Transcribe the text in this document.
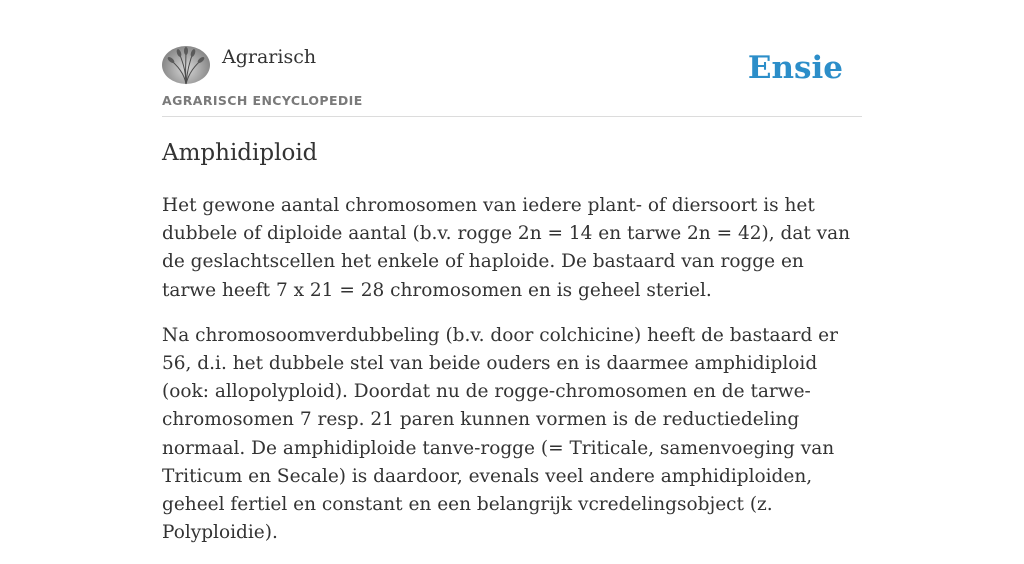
Agrarisch
AGRARISCH ENCYCLOPEDIE
Ensie
Amphidiploid

Het gewone aantal chromosomen van iedere plant- of diersoort is het dubbele of diploide aantal (b.v. rogge 2n = 14 en tarwe 2n = 42), dat van de geslachtscellen het enkele of haploide. De bastaard van rogge en tarwe heeft 7 x 21 = 28 chromosomen en is geheel steriel.

Na chromosoomverdubbeling (b.v. door colchicine) heeft de bastaard er 56, d.i. het dubbele stel van beide ouders en is daarmee amphidiploid (ook: allopolyploid). Doordat nu de rogge-chromosomen en de tarwe-chromosomen 7 resp. 21 paren kunnen vormen is de reductiedeling normaal. De amphidiploide tanve-rogge (= Triticale, samenvoeging van Triticum en Secale) is daardoor, evenals veel andere amphidiploiden, geheel fertiel en constant en een belangrijk vcredelingsobject (z. Polyploidie).
